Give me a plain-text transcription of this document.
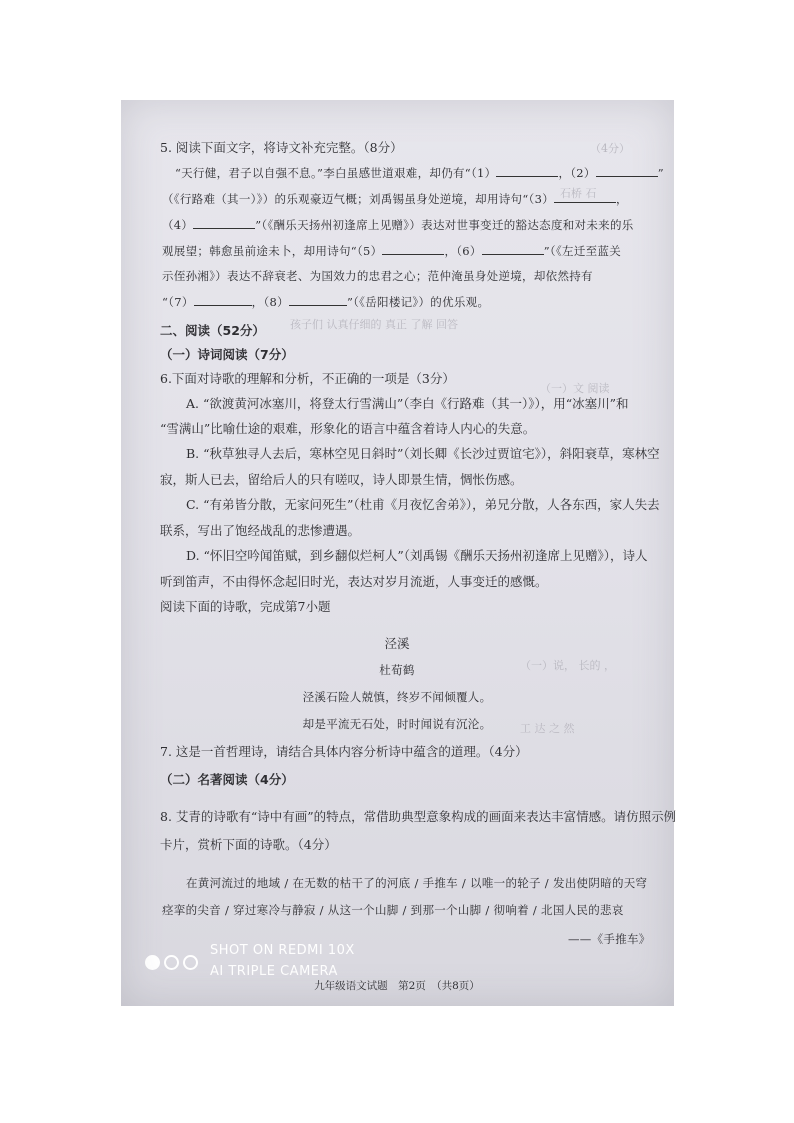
（4分）
石桥 石
孩子们 认真仔细的 真正 了解 回答
（一）文 阅读
（一）说， 长的 ，
工 达 之 然
5. 阅读下面文字，将诗文补充完整。（8分）
“天行健，君子以自强不息。”李白虽感世道艰难，却仍有“（1）	，（2）	”
（《行路难（其一）》）的乐观豪迈气概；刘禹锡虽身处逆境，却用诗句“（3）	，
（4）	”（《酬乐天扬州初逢席上见赠》）表达对世事变迁的豁达态度和对未来的乐
观展望；韩愈虽前途未卜，却用诗句“（5）	，（6）	”（《左迁至蓝关
示侄孙湘》）表达不辞衰老、为国效力的忠君之心；范仲淹虽身处逆境，却依然持有
“（7）	，（8）	”（《岳阳楼记》）的优乐观。
二、阅读（52分）
（一）诗词阅读（7分）
6.下面对诗歌的理解和分析，不正确的一项是（3分）
A. “欲渡黄河冰塞川，将登太行雪满山”（李白《行路难（其一）》），用“冰塞川”和
“雪满山”比喻仕途的艰难，形象化的语言中蕴含着诗人内心的失意。
B. “秋草独寻人去后，寒林空见日斜时”（刘长卿《长沙过贾谊宅》），斜阳衰草，寒林空
寂，斯人已去，留给后人的只有嗟叹，诗人即景生情，惆怅伤感。
C. “有弟皆分散，无家问死生”（杜甫《月夜忆舍弟》），弟兄分散，人各东西，家人失去
联系，写出了饱经战乱的悲惨遭遇。
D. “怀旧空吟闻笛赋，到乡翻似烂柯人”（刘禹锡《酬乐天扬州初逢席上见赠》），诗人
听到笛声，不由得怀念起旧时光，表达对岁月流逝，人事变迁的感慨。
阅读下面的诗歌，完成第7小题
泾溪
杜荀鹤
泾溪石险人兢慎，终岁不闻倾覆人。
却是平流无石处，时时闻说有沉沦。
7. 这是一首哲理诗，请结合具体内容分析诗中蕴含的道理。（4分）
（二）名著阅读（4分）
8. 艾青的诗歌有“诗中有画”的特点，常借助典型意象构成的画面来表达丰富情感。请仿照示例
卡片，赏析下面的诗歌。（4分）
在黄河流过的地域 / 在无数的枯干了的河底 / 手推车 / 以唯一的轮子 / 发出使阴暗的天穹
痉挛的尖音 / 穿过寒冷与静寂 / 从这一个山脚 / 到那一个山脚 / 彻响着 / 北国人民的悲哀
——《手推车》
SHOT ON REDMI 10X
AI TRIPLE CAMERA
九年级语文试题　第2页　（共8页）
